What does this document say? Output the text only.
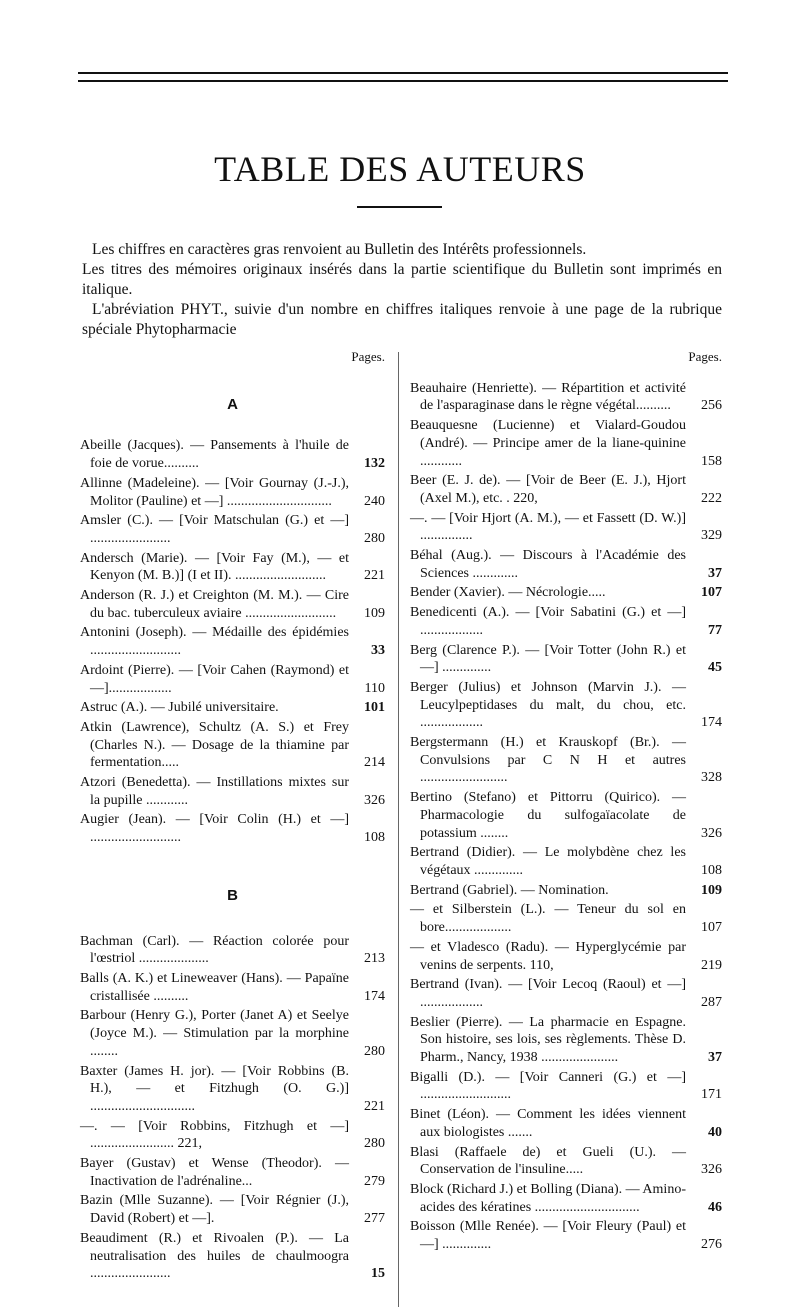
TABLE DES AUTEURS

Les chiffres en caractères gras renvoient au Bulletin des Intérêts professionnels.

Les titres des mémoires originaux insérés dans la partie scientifique du Bulletin sont imprimés en italique.

L'abréviation PHYT., suivie d'un nombre en chiffres italiques renvoie à une page de la rubrique spéciale Phytopharmacie

Pages.
A
Abeille (Jacques). — Pansements à l'huile de foie de vorue..........	132
Allinne (Madeleine). — [Voir Gournay (J.-J.), Molitor (Pauline) et —] ..............................	240
Amsler (C.). — [Voir Matschulan (G.) et —] .......................	280
Andersch (Marie). — [Voir Fay (M.), — et Kenyon (M. B.)] (I et II). ..........................	221
Anderson (R. J.) et Creighton (M. M.). — Cire du bac. tuberculeux aviaire ..........................	109
Antonini (Joseph). — Médaille des épidémies ..........................	33
Ardoint (Pierre). — [Voir Cahen (Raymond) et —]..................	110
Astruc (A.). — Jubilé universitaire.	101
Atkin (Lawrence), Schultz (A. S.) et Frey (Charles N.). — Dosage de la thiamine par fermentation.....	214
Atzori (Benedetta). — Instillations mixtes sur la pupille ............	326
Augier (Jean). — [Voir Colin (H.) et —] ..........................	108
B
Bachman (Carl). — Réaction colorée pour l'œstriol ....................	213
Balls (A. K.) et Lineweaver (Hans). — Papaïne cristallisée ..........	174
Barbour (Henry G.), Porter (Janet A) et Seelye (Joyce M.). — Stimulation par la morphine ........	280
Baxter (James H. jor). — [Voir Robbins (B. H.), — et Fitzhugh (O. G.)] ..............................	221
—. — [Voir Robbins, Fitzhugh et —] ........................ 221,	280
Bayer (Gustav) et Wense (Theodor). — Inactivation de l'adrénaline...	279
Bazin (Mlle Suzanne). — [Voir Régnier (J.), David (Robert) et —].	277
Beaudiment (R.) et Rivoalen (P.). — La neutralisation des huiles de chaulmoogra .......................	15
Pages.
Beauhaire (Henriette). — Répartition et activité de l'asparaginase dans le règne végétal..........	256
Beauquesne (Lucienne) et Vialard-Goudou (André). — Principe amer de la liane-quinine ............	158
Beer (E. J. de). — [Voir de Beer (E. J.), Hjort (Axel M.), etc. . 220,	222
—. — [Voir Hjort (A. M.), — et Fassett (D. W.)] ...............	329
Béhal (Aug.). — Discours à l'Académie des Sciences .............	37
Bender (Xavier). — Nécrologie.....	107
Benedicenti (A.). — [Voir Sabatini (G.) et —] ..................	77
Berg (Clarence P.). — [Voir Totter (John R.) et —] ..............	45
Berger (Julius) et Johnson (Marvin J.). — Leucylpeptidases du malt, du chou, etc. ..................	174
Bergstermann (H.) et Krauskopf (Br.). — Convulsions par C N H et autres .........................	328
Bertino (Stefano) et Pittorru (Quirico). — Pharmacologie du sulfogaïacolate de potassium ........	326
Bertrand (Didier). — Le molybdène chez les végétaux ..............	108
Bertrand (Gabriel). — Nomination.	109
— et Silberstein (L.). — Teneur du sol en bore...................	107
— et Vladesco (Radu). — Hyperglycémie par venins de serpents. 110,	219
Bertrand (Ivan). — [Voir Lecoq (Raoul) et —] ..................	287
Beslier (Pierre). — La pharmacie en Espagne. Son histoire, ses lois, ses règlements. Thèse D. Pharm., Nancy, 1938 ......................	37
Bigalli (D.). — [Voir Canneri (G.) et —] ..........................	171
Binet (Léon). — Comment les idées viennent aux biologistes .......	40
Blasi (Raffaele de) et Gueli (U.). — Conservation de l'insuline.....	326
Block (Richard J.) et Bolling (Diana). — Amino-acides des kératines ..............................	46
Boisson (Mlle Renée). — [Voir Fleury (Paul) et —] ..............	276
